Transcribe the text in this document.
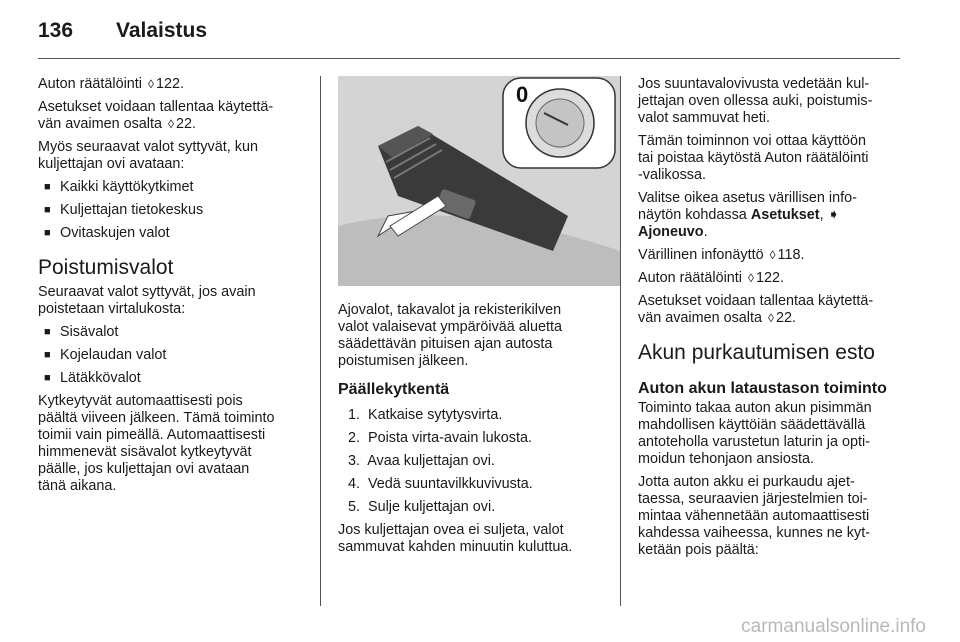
136 Valaistus

Auton räätälöinti ◊ 122.

Asetukset voidaan tallentaa käytettä-
vän avaimen osalta ◊ 22.

Myös seuraavat valot syttyvät, kun
kuljettajan ovi avataan:

■ Kaikki käyttökytkimet
■ Kuljettajan tietokeskus
■ Ovitaskujen valot
Poistumisvalot

Seuraavat valot syttyvät, jos avain
poistetaan virtalukosta:

■ Sisävalot
■ Kojelaudan valot
■ Lätäkkövalot

Kytkeytyvät automaattisesti pois
päältä viiveen jälkeen. Tämä toiminto
toimii vain pimeällä. Automaattisesti
himmenevät sisävalot kytkeytyvät
päälle, jos kuljettajan ovi avataan
tänä aikana.

0

Ajovalot, takavalot ja rekisterikilven
valot valaisevat ympäröivää aluetta
säädettävän pituisen ajan autosta
poistumisen jälkeen.

Päällekytkentä
1. Katkaise sytytysvirta.
2. Poista virta-avain lukosta.
3. Avaa kuljettajan ovi.
4. Vedä suuntavilkkuvivusta.
5. Sulje kuljettajan ovi.

Jos kuljettajan ovea ei suljeta, valot
sammuvat kahden minuutin kuluttua.

Jos suuntavalovivusta vedetään kul-
jettajan oven ollessa auki, poistumis-
valot sammuvat heti.

Tämän toiminnon voi ottaa käyttöön
tai poistaa käytöstä Auton räätälöinti
-valikossa.

Valitse oikea asetus värillisen info-
näytön kohdassa Asetukset, ➧
Ajoneuvo.

Värillinen infonäyttö ◊ 118.

Auton räätälöinti ◊ 122.

Asetukset voidaan tallentaa käytettä-
vän avaimen osalta ◊ 22.

Akun purkautumisen esto
Auton akun lataustason toiminto

Toiminto takaa auton akun pisimmän
mahdollisen käyttöiän säädettävällä
antoteholla varustetun laturin ja opti-
moidun tehonjaon ansiosta.

Jotta auton akku ei purkaudu ajet-
taessa, seuraavien järjestelmien toi-
mintaa vähennetään automaattisesti
kahdessa vaiheessa, kunnes ne kyt-
ketään pois päältä:

carmanualsonline.info
